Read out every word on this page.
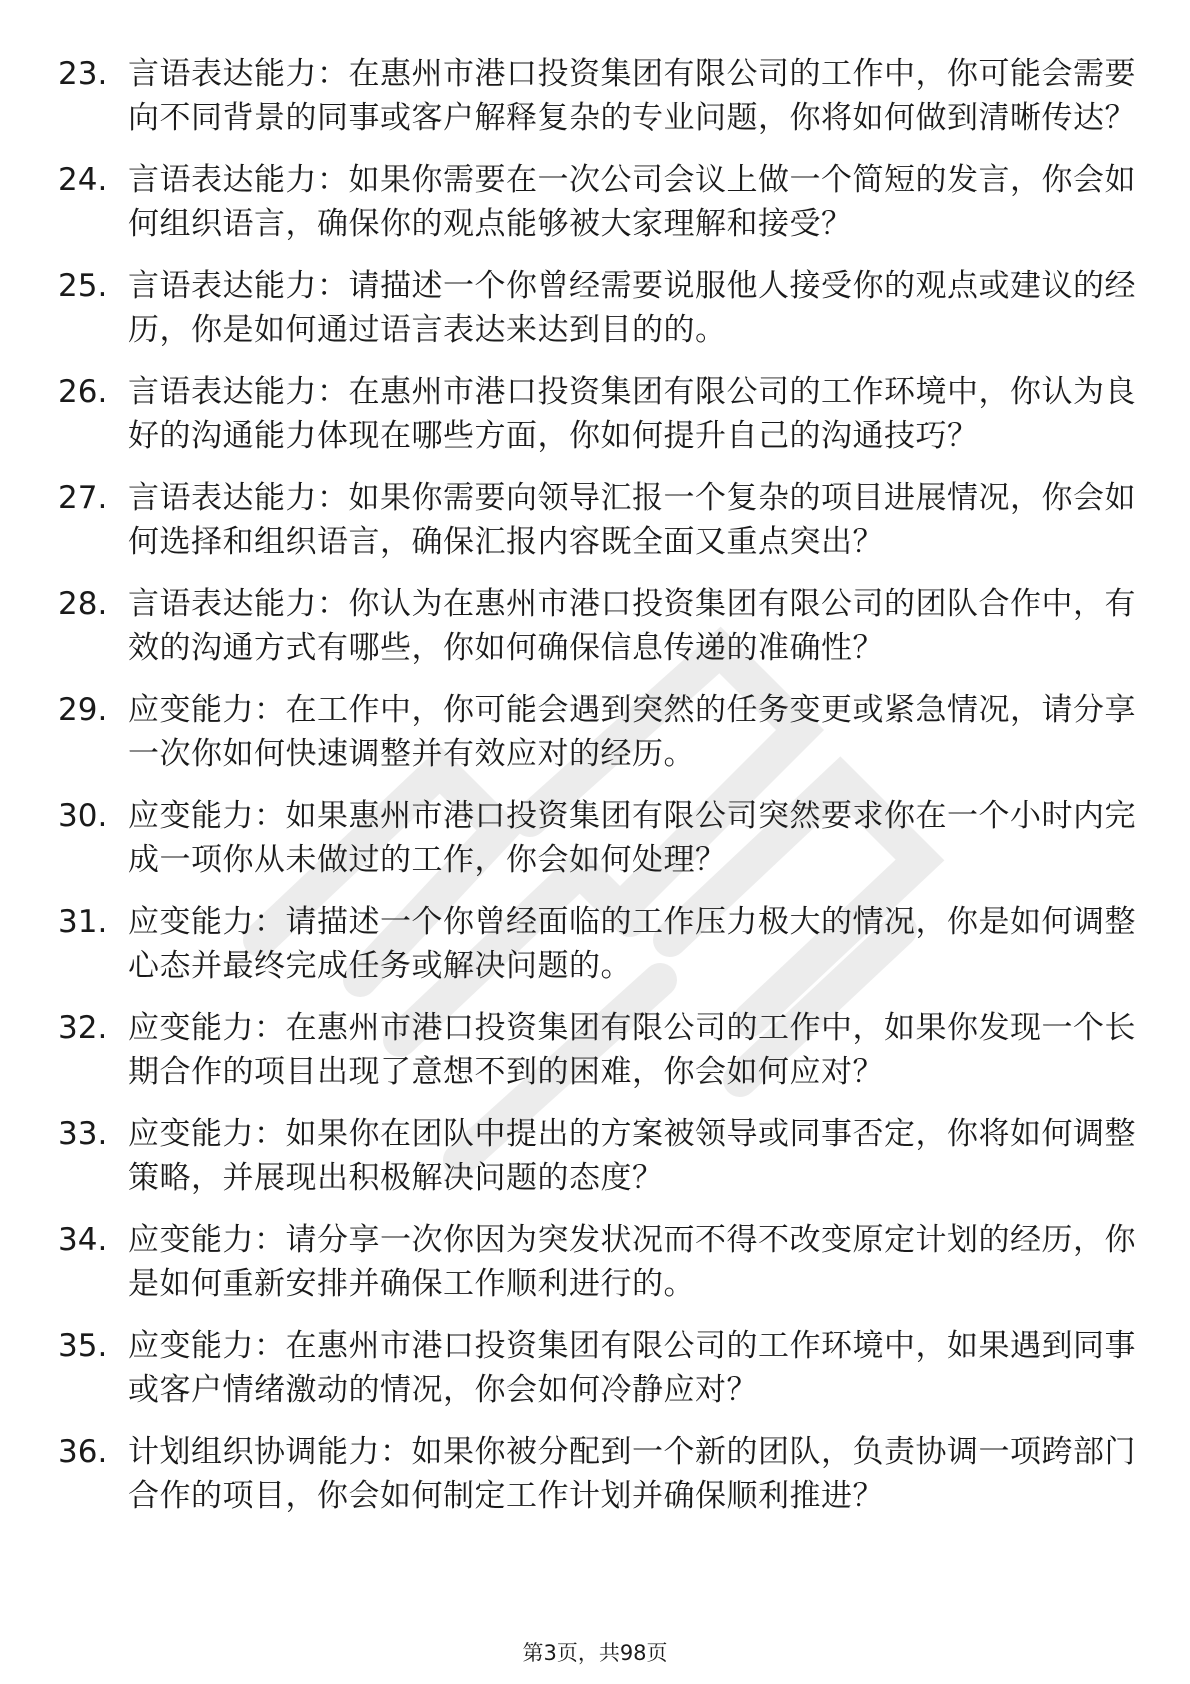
23. 言语表达能力：在惠州市港口投资集团有限公司的工作中，你可能会需要向不同背景的同事或客户解释复杂的专业问题，你将如何做到清晰传达？
24. 言语表达能力：如果你需要在一次公司会议上做一个简短的发言，你会如何组织语言，确保你的观点能够被大家理解和接受？
25. 言语表达能力：请描述一个你曾经需要说服他人接受你的观点或建议的经历，你是如何通过语言表达来达到目的的。
26. 言语表达能力：在惠州市港口投资集团有限公司的工作环境中，你认为良好的沟通能力体现在哪些方面，你如何提升自己的沟通技巧？
27. 言语表达能力：如果你需要向领导汇报一个复杂的项目进展情况，你会如何选择和组织语言，确保汇报内容既全面又重点突出？
28. 言语表达能力：你认为在惠州市港口投资集团有限公司的团队合作中，有效的沟通方式有哪些，你如何确保信息传递的准确性？
29. 应变能力：在工作中，你可能会遇到突然的任务变更或紧急情况，请分享一次你如何快速调整并有效应对的经历。
30. 应变能力：如果惠州市港口投资集团有限公司突然要求你在一个小时内完成一项你从未做过的工作，你会如何处理？
31. 应变能力：请描述一个你曾经面临的工作压力极大的情况，你是如何调整心态并最终完成任务或解决问题的。
32. 应变能力：在惠州市港口投资集团有限公司的工作中，如果你发现一个长期合作的项目出现了意想不到的困难，你会如何应对？
33. 应变能力：如果你在团队中提出的方案被领导或同事否定，你将如何调整策略，并展现出积极解决问题的态度？
34. 应变能力：请分享一次你因为突发状况而不得不改变原定计划的经历，你是如何重新安排并确保工作顺利进行的。
35. 应变能力：在惠州市港口投资集团有限公司的工作环境中，如果遇到同事或客户情绪激动的情况，你会如何冷静应对？
36. 计划组织协调能力：如果你被分配到一个新的团队，负责协调一项跨部门合作的项目，你会如何制定工作计划并确保顺利推进？
第3页，共98页
